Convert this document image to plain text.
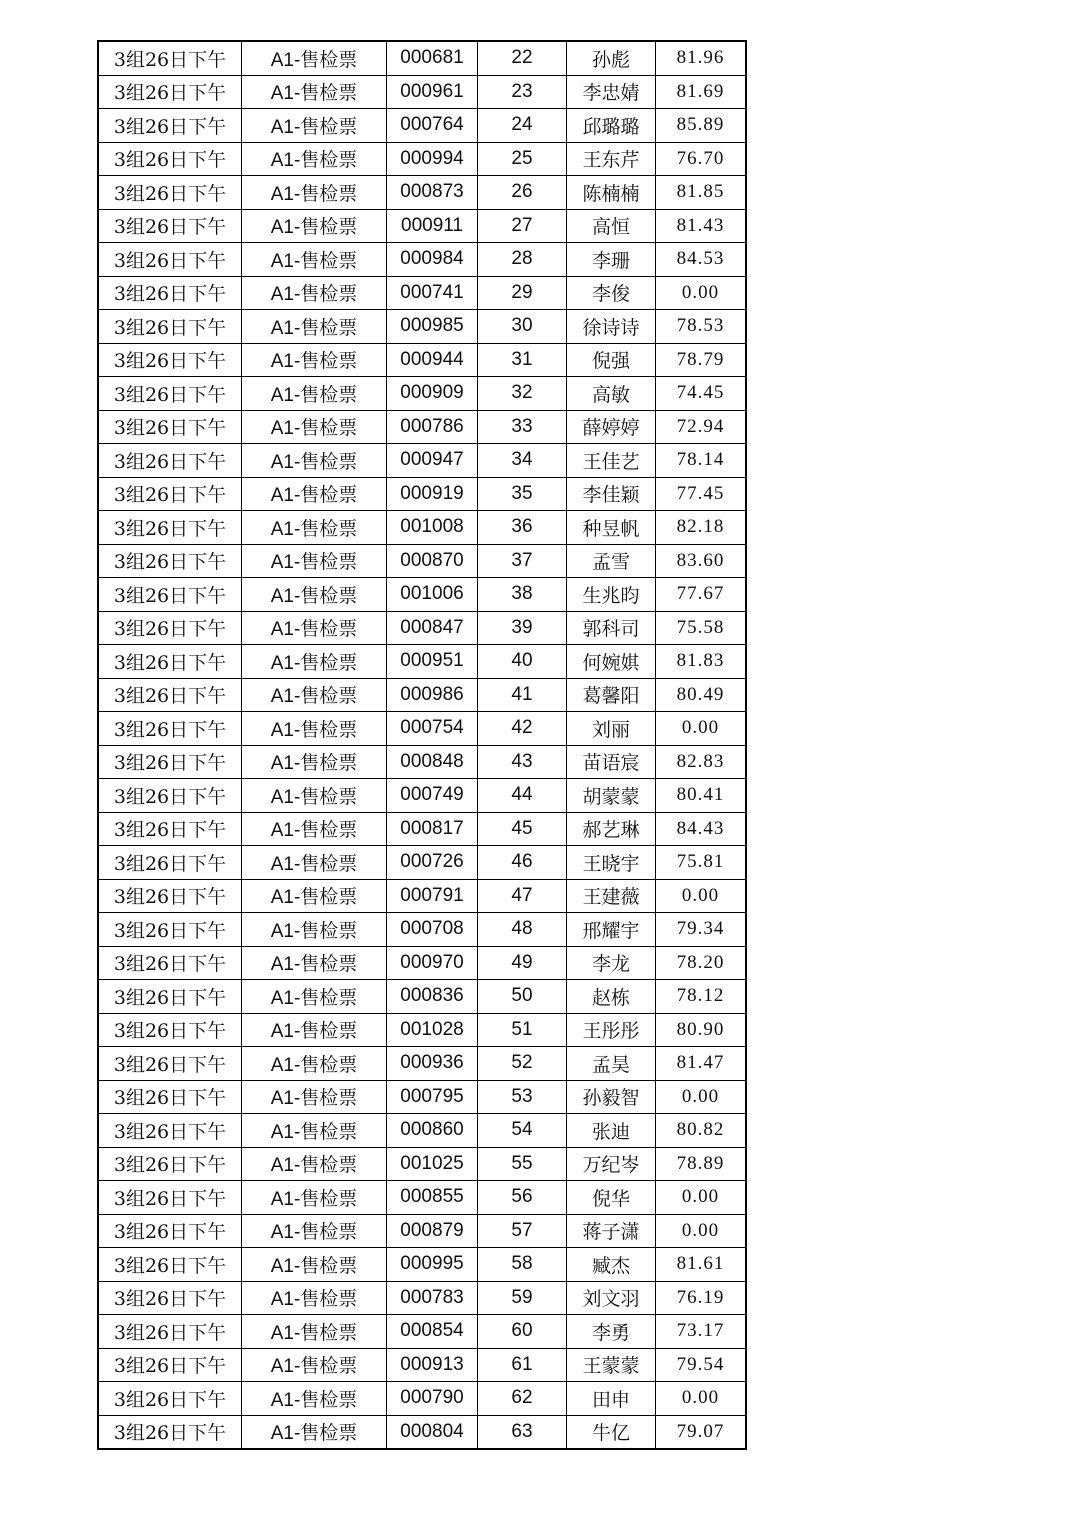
3组26日下午	A1-售检票	000681	22	孙彪	81.96
3组26日下午	A1-售检票	000961	23	李忠婧	81.69
3组26日下午	A1-售检票	000764	24	邱璐璐	85.89
3组26日下午	A1-售检票	000994	25	王东芹	76.70
3组26日下午	A1-售检票	000873	26	陈楠楠	81.85
3组26日下午	A1-售检票	000911	27	高恒	81.43
3组26日下午	A1-售检票	000984	28	李珊	84.53
3组26日下午	A1-售检票	000741	29	李俊	0.00
3组26日下午	A1-售检票	000985	30	徐诗诗	78.53
3组26日下午	A1-售检票	000944	31	倪强	78.79
3组26日下午	A1-售检票	000909	32	高敏	74.45
3组26日下午	A1-售检票	000786	33	薛婷婷	72.94
3组26日下午	A1-售检票	000947	34	王佳艺	78.14
3组26日下午	A1-售检票	000919	35	李佳颖	77.45
3组26日下午	A1-售检票	001008	36	种昱帆	82.18
3组26日下午	A1-售检票	000870	37	孟雪	83.60
3组26日下午	A1-售检票	001006	38	生兆昀	77.67
3组26日下午	A1-售检票	000847	39	郭科司	75.58
3组26日下午	A1-售检票	000951	40	何婉娸	81.83
3组26日下午	A1-售检票	000986	41	葛馨阳	80.49
3组26日下午	A1-售检票	000754	42	刘丽	0.00
3组26日下午	A1-售检票	000848	43	苗语宸	82.83
3组26日下午	A1-售检票	000749	44	胡蒙蒙	80.41
3组26日下午	A1-售检票	000817	45	郝艺琳	84.43
3组26日下午	A1-售检票	000726	46	王晓宇	75.81
3组26日下午	A1-售检票	000791	47	王建薇	0.00
3组26日下午	A1-售检票	000708	48	邢耀宇	79.34
3组26日下午	A1-售检票	000970	49	李龙	78.20
3组26日下午	A1-售检票	000836	50	赵栋	78.12
3组26日下午	A1-售检票	001028	51	王彤彤	80.90
3组26日下午	A1-售检票	000936	52	孟昊	81.47
3组26日下午	A1-售检票	000795	53	孙毅智	0.00
3组26日下午	A1-售检票	000860	54	张迪	80.82
3组26日下午	A1-售检票	001025	55	万纪岑	78.89
3组26日下午	A1-售检票	000855	56	倪华	0.00
3组26日下午	A1-售检票	000879	57	蒋子潇	0.00
3组26日下午	A1-售检票	000995	58	臧杰	81.61
3组26日下午	A1-售检票	000783	59	刘文羽	76.19
3组26日下午	A1-售检票	000854	60	李勇	73.17
3组26日下午	A1-售检票	000913	61	王蒙蒙	79.54
3组26日下午	A1-售检票	000790	62	田申	0.00
3组26日下午	A1-售检票	000804	63	牛亿	79.07
